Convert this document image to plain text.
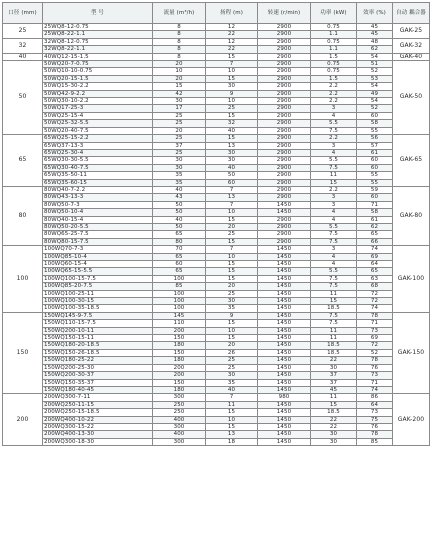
口径 (mm)	型 号	流量 (m³/h)	扬程 (m)	转速 (r/min)	功率 (kW)	效率 (%)	自动 耦合器
25	25WQ8-12-0.75	8	12	2900	0.75	45	GAK-25
	25WQ8-22-1.1	8	22	2900	1.1	45	
32	32WQ8-12-0.75	8	12	2900	0.75	48	GAK-32
	32WQ8-22-1.1	8	22	2900	1.1	62	
40	40WQ12-15-1.5	8	15	2900	1.5	54	GAK-40
50	50WQ20-7-0.75	20	7	2900	0.75	51	GAK-50
	50WQ10-10-0.75	10	10	2900	0.75	52	
	50WQ20-15-1.5	20	15	2900	1.5	53	
	50WQ15-30-2.2	15	30	2900	2.2	54	
	50WQ42-9-2.2	42	9	2900	2.2	49	
	50WQ30-10-2.2	30	10	2900	2.2	54	
	50WQ17-25-3	17	25	2900	3	52	
	50WQ25-15-4	25	15	2900	4	60	
	50WQ25-32-5.5	25	32	2900	5.5	58	
	50WQ20-40-7.5	20	40	2900	7.5	55	
65	65WQ25-15-2.2	25	15	2900	2.2	56	GAK-65
	65WQ37-13-3	37	13	2900	3	57	
	65WQ25-30-4	25	30	2900	4	61	
	65WQ30-30-5.5	30	30	2900	5.5	60	
	65WQ30-40-7.5	30	40	2900	7.5	60	
	65WQ35-50-11	35	50	2900	11	55	
	65WQ35-60-15	35	60	2900	15	55	
80	80WQ40-7-2.2	40	7	2900	2.2	59	GAK-80
	80WQ43-13-3	43	13	2900	3	60	
	80WQ50-7-3	50	7	1450	3	71	
	80WQ50-10-4	50	10	1450	4	58	
	80WQ40-15-4	40	15	2900	4	61	
	80WQ50-20-5.5	50	20	2900	5.5	62	
	80WQ65-25-7.5	65	25	2900	7.5	65	
	80WQ80-15-7.5	80	15	2900	7.5	66	
100	100WQ70-7-3	70	7	1450	3	74	GAK-100
	100WQ85-10-4	65	10	1450	4	69	
	100WQ60-15-4	60	15	1450	4	64	
	100WQ65-15-5.5	65	15	1450	5.5	65	
	100WQ100-15-7.5	100	15	1450	7.5	63	
	100WQ85-20-7.5	85	20	1450	7.5	68	
	100WQ100-25-11	100	25	1450	11	72	
	100WQ100-30-15	100	30	1450	15	72	
	100WQ100-35-18.5	100	35	1450	18.5	74	
150	150WQ145-9-7.5	145	9	1450	7.5	78	GAK-150
	150WQ110-15-7.5	110	15	1450	7.5	71	
	150WQ200-10-11	200	10	1450	11	73	
	150WQ150-15-11	150	15	1450	11	69	
	150WQ180-20-18.5	180	20	1450	18.5	72	
	150WQ150-26-18.5	150	26	1450	18.5	52	
	150WQ180-25-22	180	25	1450	22	78	
	150WQ200-25-30	200	25	1450	30	76	
	150WQ200-30-37	200	30	1450	37	73	
	150WQ150-35-37	150	35	1450	37	71	
	150WQ180-40-45	180	40	1450	45	74	
200	200WQ300-7-11	300	7	980	11	86	GAK-200
	200WQ250-11-15	250	11	1450	15	64	
	200WQ250-15-18.5	250	15	1450	18.5	73	
	200WQ400-10-22	400	10	1450	22	75	
	200WQ300-15-22	300	15	1450	22	76	
	200WQ400-13-30	400	13	1450	30	78	
	200WQ300-18-30	300	18	1450	30	85	
